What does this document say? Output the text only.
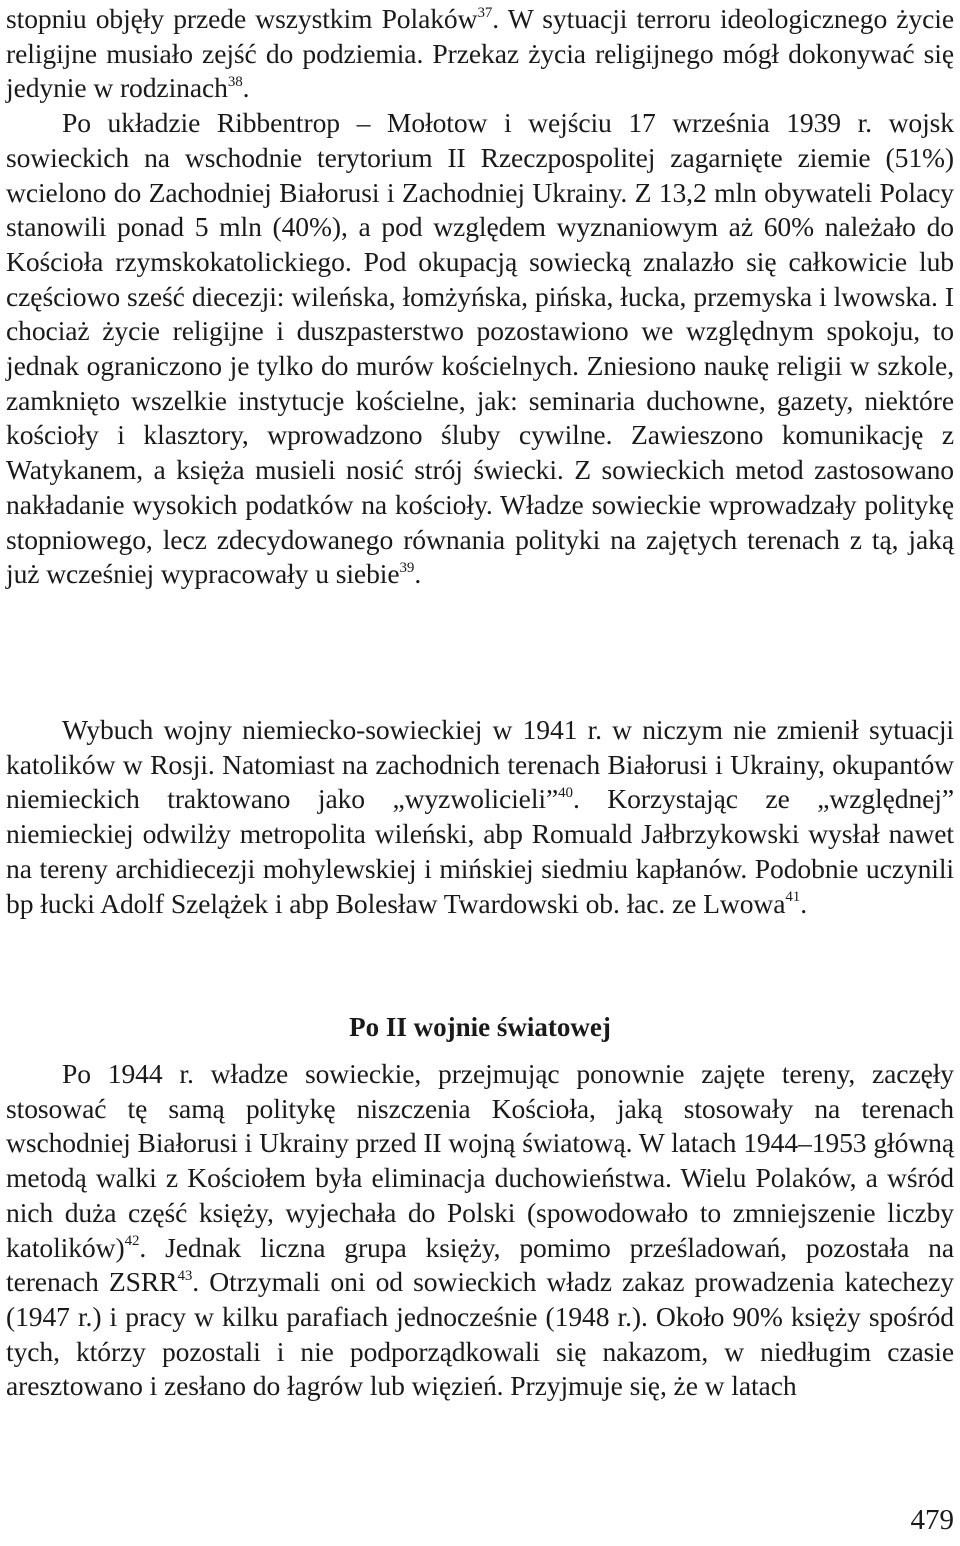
stopniu objęły przede wszystkim Polaków$^{37}$. W sytuacji terroru ideologicznego życie religijne musiało zejść do podziemia. Przekaz życia religijnego mógł dokonywać się jedynie w rodzinach$^{38}$.

Po układzie Ribbentrop – Mołotow i wejściu 17 września 1939 r. wojsk sowieckich na wschodnie terytorium II Rzeczpospolitej zagarnięte ziemie (51%) wcielono do Zachodniej Białorusi i Zachodniej Ukrainy. Z 13,2 mln obywateli Polacy stanowili ponad 5 mln (40%), a pod względem wyznaniowym aż 60% należało do Kościoła rzymskokatolickiego. Pod okupacją sowiecką znalazło się całkowicie lub częściowo sześć diecezji: wileńska, łomżyńska, pińska, łucka, przemyska i lwowska. I chociaż życie religijne i duszpasterstwo pozostawiono we względnym spokoju, to jednak ograniczono je tylko do murów kościelnych. Zniesiono naukę religii w szkole, zamknięto wszelkie instytucje kościelne, jak: seminaria duchowne, gazety, niektóre kościoły i klasztory, wprowadzono śluby cywilne. Zawieszono komunikację z Watykanem, a księża musieli nosić strój świecki. Z sowieckich metod zastosowano nakładanie wysokich podatków na kościoły. Władze sowieckie wprowadzały politykę stopniowego, lecz zdecydowanego równania polityki na zajętych terenach z tą, jaką już wcześniej wypracowały u siebie$^{39}$.

Wybuch wojny niemiecko-sowieckiej w 1941 r. w niczym nie zmienił sytuacji katolików w Rosji. Natomiast na zachodnich terenach Białorusi i Ukrainy, okupantów niemieckich traktowano jako „wyzwolicieli”$^{40}$. Korzystając ze „względnej” niemieckiej odwilży metropolita wileński, abp Romuald Jałbrzykowski wysłał nawet na tereny archidiecezji mohylewskiej i mińskiej siedmiu kapłanów. Podobnie uczynili bp łucki Adolf Szelążek i abp Bolesław Twardowski ob. łac. ze Lwowa$^{41}$.

Po II wojnie światowej

Po 1944 r. władze sowieckie, przejmując ponownie zajęte tereny, zaczęły stosować tę samą politykę niszczenia Kościoła, jaką stosowały na terenach wschodniej Białorusi i Ukrainy przed II wojną światową. W latach 1944–1953 główną metodą walki z Kościołem była eliminacja duchowieństwa. Wielu Polaków, a wśród nich duża część księży, wyjechała do Polski (spowodowało to zmniejszenie liczby katolików)$^{42}$. Jednak liczna grupa księży, pomimo prześladowań, pozostała na terenach ZSRR$^{43}$. Otrzymali oni od sowieckich władz zakaz prowadzenia katechezy (1947 r.) i pracy w kilku parafiach jednocześnie (1948 r.). Około 90% księży spośród tych, którzy pozostali i nie podporządkowali się nakazom, w niedługim czasie aresztowano i zesłano do łagrów lub więzień. Przyjmuje się, że w latach

479
